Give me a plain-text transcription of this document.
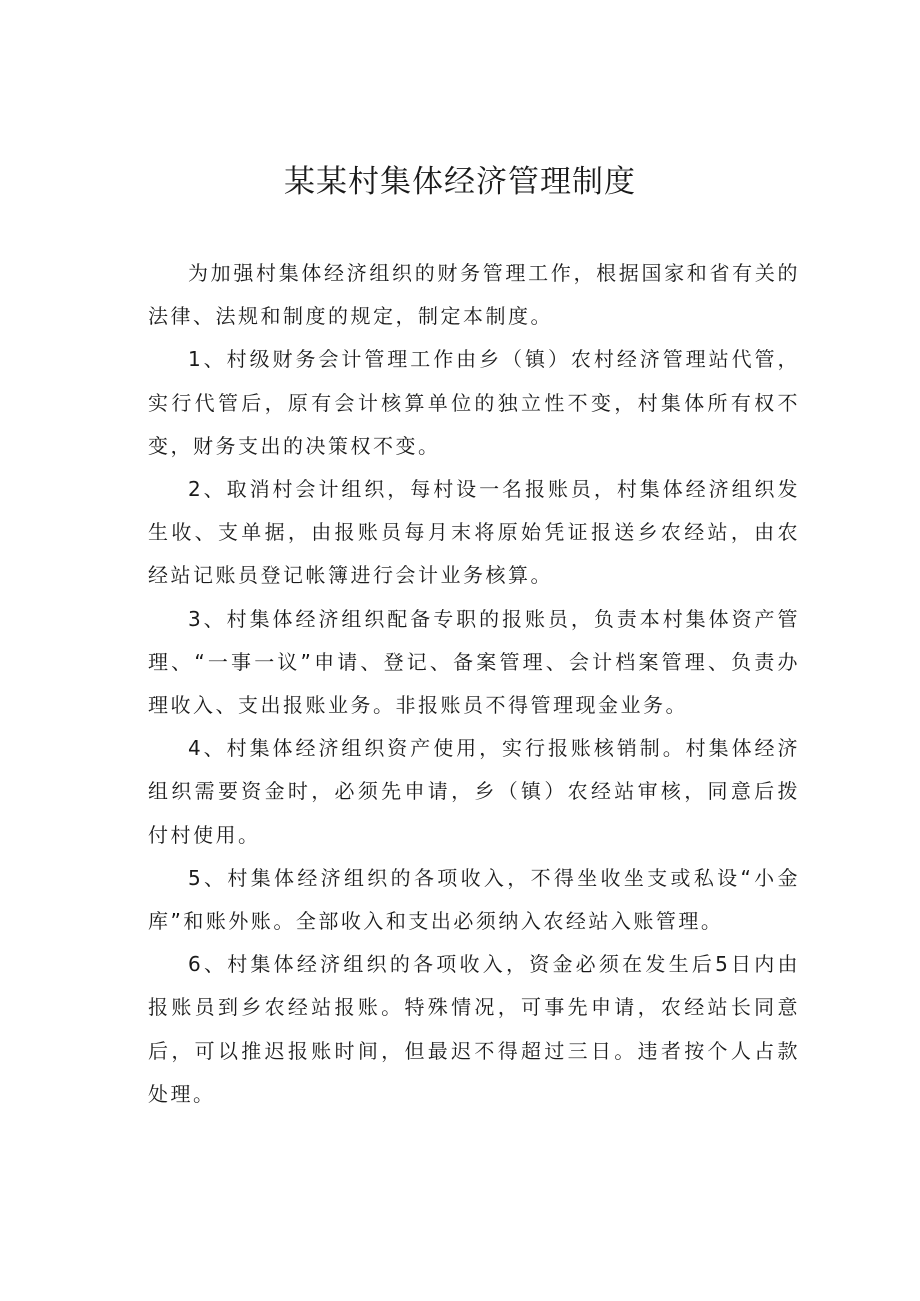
某某村集体经济管理制度

为加强村集体经济组织的财务管理工作，根据国家和省有关的法律、法规和制度的规定，制定本制度。

1、村级财务会计管理工作由乡（镇）农村经济管理站代管，实行代管后，原有会计核算单位的独立性不变，村集体所有权不变，财务支出的决策权不变。

2、取消村会计组织，每村设一名报账员，村集体经济组织发生收、支单据，由报账员每月末将原始凭证报送乡农经站，由农经站记账员登记帐簿进行会计业务核算。

3、村集体经济组织配备专职的报账员，负责本村集体资产管理、“一事一议”申请、登记、备案管理、会计档案管理、负责办理收入、支出报账业务。非报账员不得管理现金业务。

4、村集体经济组织资产使用，实行报账核销制。村集体经济组织需要资金时，必须先申请，乡（镇）农经站审核，同意后拨付村使用。

5、村集体经济组织的各项收入，不得坐收坐支或私设“小金库”和账外账。全部收入和支出必须纳入农经站入账管理。

6、村集体经济组织的各项收入，资金必须在发生后5日内由报账员到乡农经站报账。特殊情况，可事先申请，农经站长同意后，可以推迟报账时间，但最迟不得超过三日。违者按个人占款处理。
